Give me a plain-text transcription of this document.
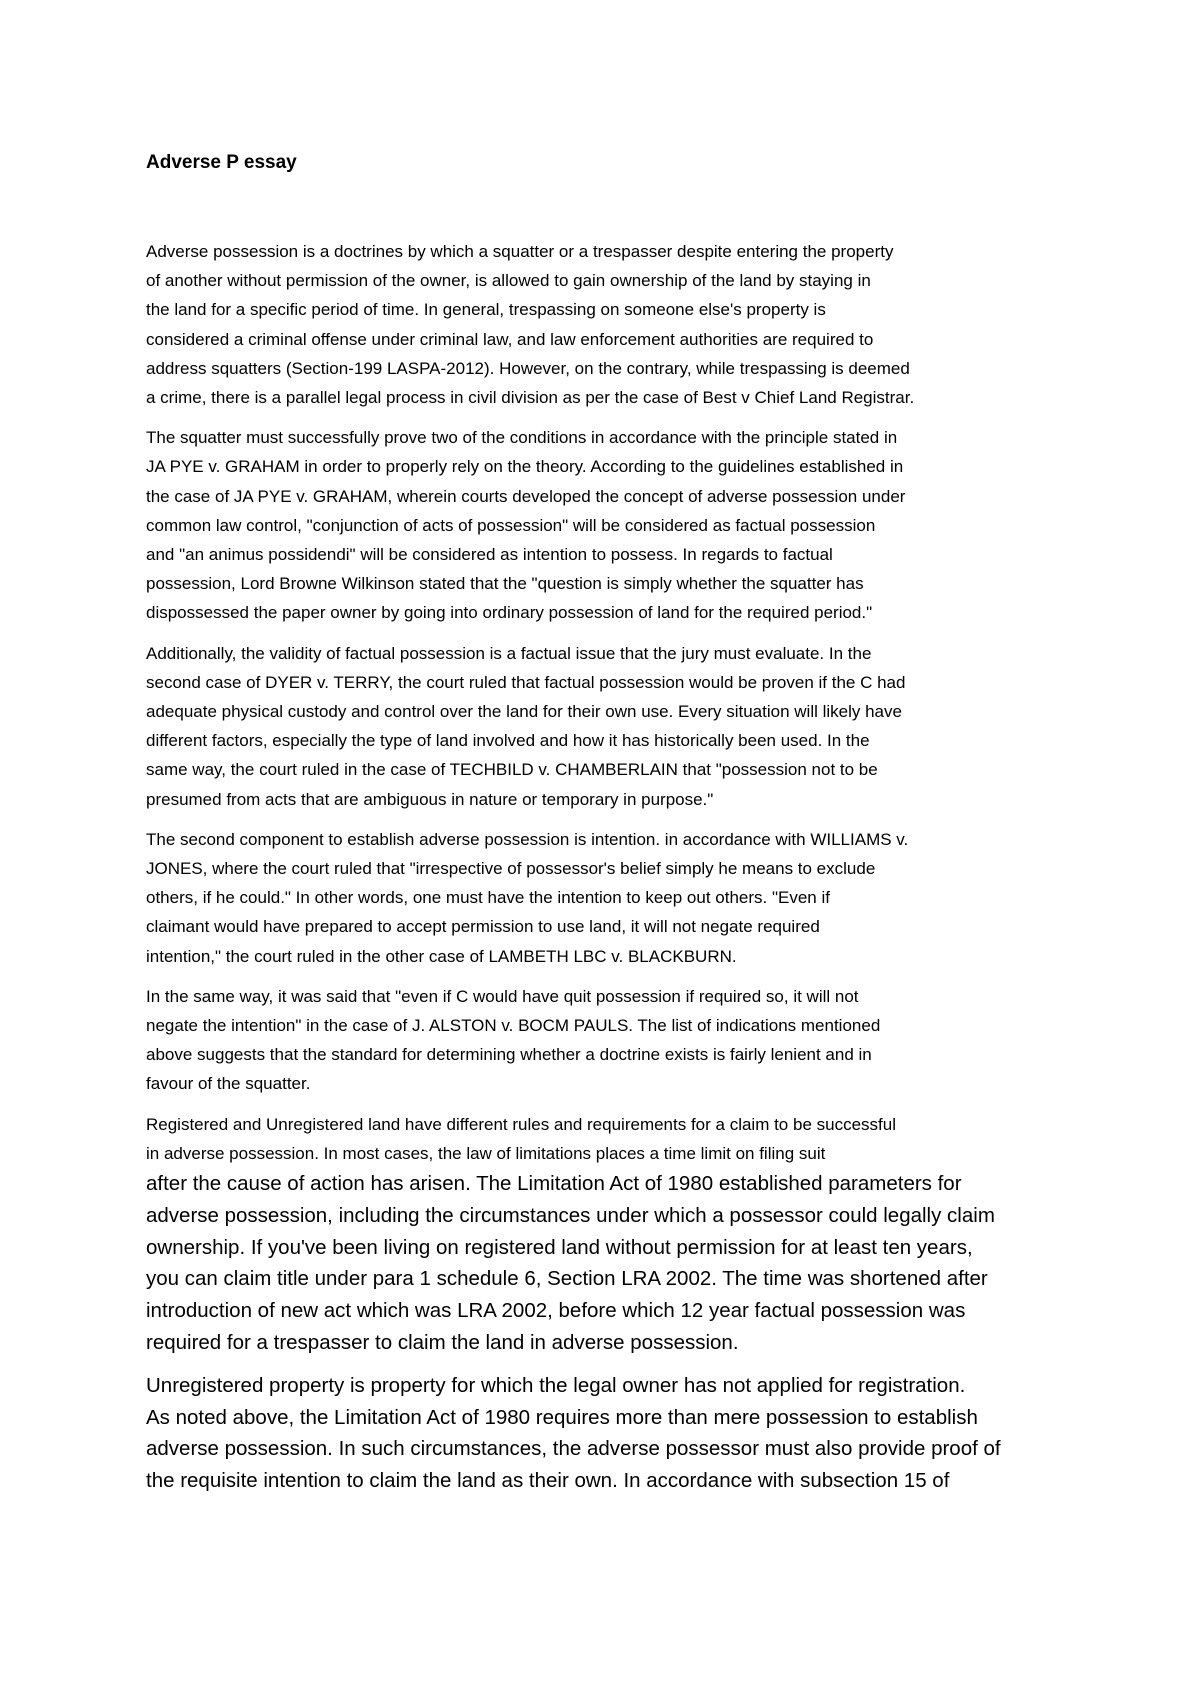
Adverse P essay

Adverse possession is a doctrines by which a squatter or a trespasser despite entering the property
of another without permission of the owner, is allowed to gain ownership of the land by staying in
the land for a specific period of time. In general, trespassing on someone else's property is
considered a criminal offense under criminal law, and law enforcement authorities are required to
address squatters (Section-199 LASPA-2012). However, on the contrary, while trespassing is deemed
a crime, there is a parallel legal process in civil division as per the case of Best v Chief Land Registrar.

The squatter must successfully prove two of the conditions in accordance with the principle stated in
JA PYE v. GRAHAM in order to properly rely on the theory. According to the guidelines established in
the case of JA PYE v. GRAHAM, wherein courts developed the concept of adverse possession under
common law control, "conjunction of acts of possession" will be considered as factual possession
and "an animus possidendi" will be considered as intention to possess. In regards to factual
possession, Lord Browne Wilkinson stated that the "question is simply whether the squatter has
dispossessed the paper owner by going into ordinary possession of land for the required period."

Additionally, the validity of factual possession is a factual issue that the jury must evaluate. In the
second case of DYER v. TERRY, the court ruled that factual possession would be proven if the C had
adequate physical custody and control over the land for their own use. Every situation will likely have
different factors, especially the type of land involved and how it has historically been used. In the
same way, the court ruled in the case of TECHBILD v. CHAMBERLAIN that "possession not to be
presumed from acts that are ambiguous in nature or temporary in purpose."

The second component to establish adverse possession is intention. in accordance with WILLIAMS v.
JONES, where the court ruled that "irrespective of possessor's belief simply he means to exclude
others, if he could." In other words, one must have the intention to keep out others. "Even if
claimant would have prepared to accept permission to use land, it will not negate required
intention," the court ruled in the other case of LAMBETH LBC v. BLACKBURN.

In the same way, it was said that "even if C would have quit possession if required so, it will not
negate the intention" in the case of J. ALSTON v. BOCM PAULS. The list of indications mentioned
above suggests that the standard for determining whether a doctrine exists is fairly lenient and in
favour of the squatter.

Registered and Unregistered land have different rules and requirements for a claim to be successful
in adverse possession. In most cases, the law of limitations places a time limit on filing suit
after the cause of action has arisen. The Limitation Act of 1980 established parameters for
adverse possession, including the circumstances under which a possessor could legally claim
ownership. If you've been living on registered land without permission for at least ten years,
you can claim title under para 1 schedule 6, Section LRA 2002. The time was shortened after
introduction of new act which was LRA 2002, before which 12 year factual possession was
required for a trespasser to claim the land in adverse possession.

Unregistered property is property for which the legal owner has not applied for registration.
As noted above, the Limitation Act of 1980 requires more than mere possession to establish
adverse possession. In such circumstances, the adverse possessor must also provide proof of
the requisite intention to claim the land as their own. In accordance with subsection 15 of
